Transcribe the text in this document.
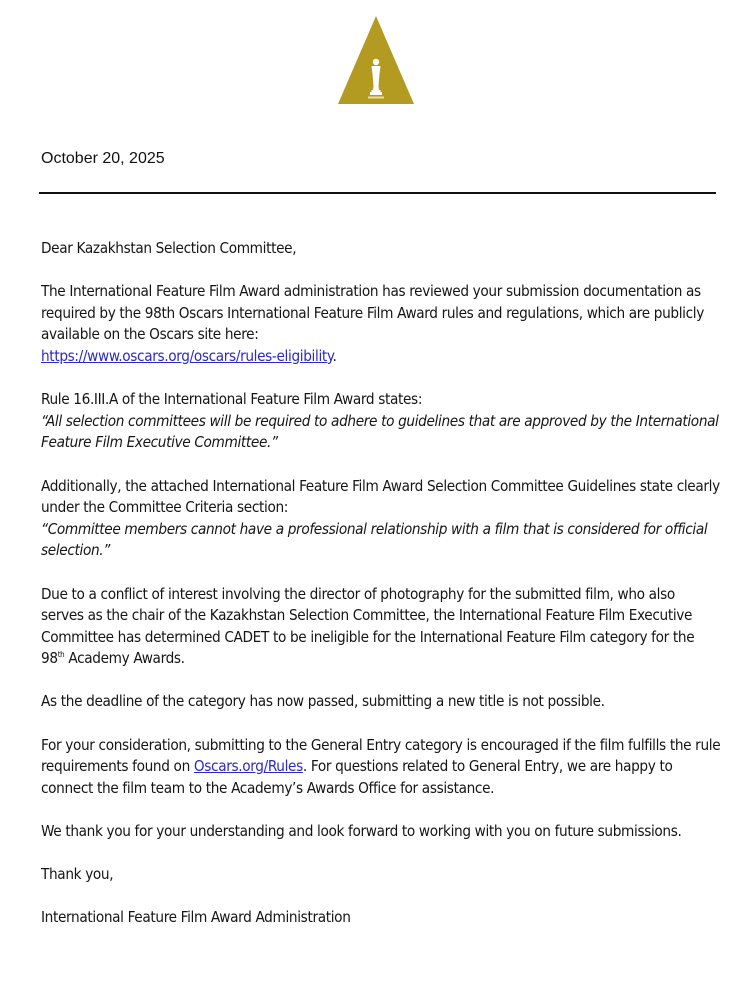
October 20, 2025

Dear Kazakhstan Selection Committee,

The International Feature Film Award administration has reviewed your submission documentation as required by the 98th Oscars International Feature Film Award rules and regulations, which are publicly available on the Oscars site here:
https://www.oscars.org/oscars/rules-eligibility.

Rule 16.III.A of the International Feature Film Award states:
“All selection committees will be required to adhere to guidelines that are approved by the International Feature Film Executive Committee.”

Additionally, the attached International Feature Film Award Selection Committee Guidelines state clearly under the Committee Criteria section:
“Committee members cannot have a professional relationship with a film that is considered for official selection.”

Due to a conflict of interest involving the director of photography for the submitted film, who also serves as the chair of the Kazakhstan Selection Committee, the International Feature Film Executive Committee has determined CADET to be ineligible for the International Feature Film category for the 98th Academy Awards.

As the deadline of the category has now passed, submitting a new title is not possible.

For your consideration, submitting to the General Entry category is encouraged if the film fulfills the rule requirements found on Oscars.org/Rules. For questions related to General Entry, we are happy to connect the film team to the Academy’s Awards Office for assistance.

We thank you for your understanding and look forward to working with you on future submissions.

Thank you,

International Feature Film Award Administration
